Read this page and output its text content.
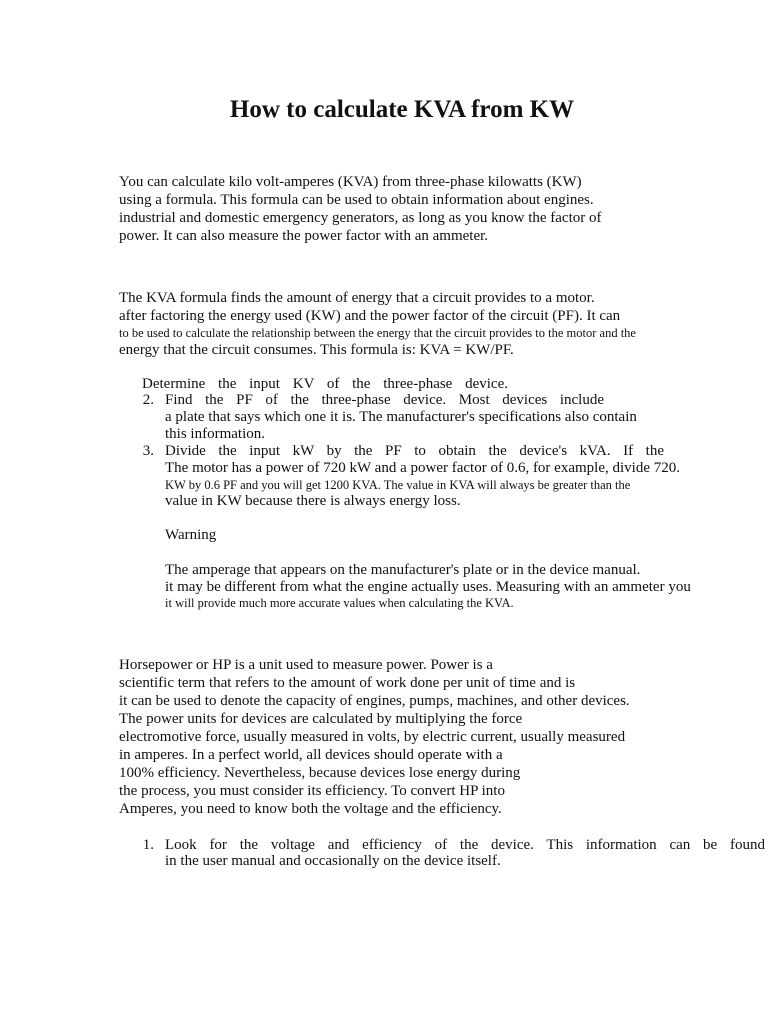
How to calculate KVA from KW
You can calculate kilo volt-amperes (KVA) from three-phase kilowatts (KW)
using a formula. This formula can be used to obtain information about engines.
industrial and domestic emergency generators, as long as you know the factor of
power. It can also measure the power factor with an ammeter.
The KVA formula finds the amount of energy that a circuit provides to a motor.
after factoring the energy used (KW) and the power factor of the circuit (PF). It can
to be used to calculate the relationship between the energy that the circuit provides to the motor and the
energy that the circuit consumes. This formula is: KVA = KW/PF.
Determine the input KV of the three-phase device.
2. Find the PF of the three-phase device. Most devices include
a plate that says which one it is. The manufacturer's specifications also contain
this information.
3. Divide the input kW by the PF to obtain the device's kVA. If the
The motor has a power of 720 kW and a power factor of 0.6, for example, divide 720.
KW by 0.6 PF and you will get 1200 KVA. The value in KVA will always be greater than the
value in KW because there is always energy loss.
Warning
The amperage that appears on the manufacturer's plate or in the device manual.
it may be different from what the engine actually uses. Measuring with an ammeter you
it will provide much more accurate values when calculating the KVA.
Horsepower or HP is a unit used to measure power. Power is a
scientific term that refers to the amount of work done per unit of time and is
it can be used to denote the capacity of engines, pumps, machines, and other devices.
The power units for devices are calculated by multiplying the force
electromotive force, usually measured in volts, by electric current, usually measured
in amperes. In a perfect world, all devices should operate with a
100% efficiency. Nevertheless, because devices lose energy during
the process, you must consider its efficiency. To convert HP into
Amperes, you need to know both the voltage and the efficiency.
1. Look for the voltage and efficiency of the device. This information can be found
in the user manual and occasionally on the device itself.
